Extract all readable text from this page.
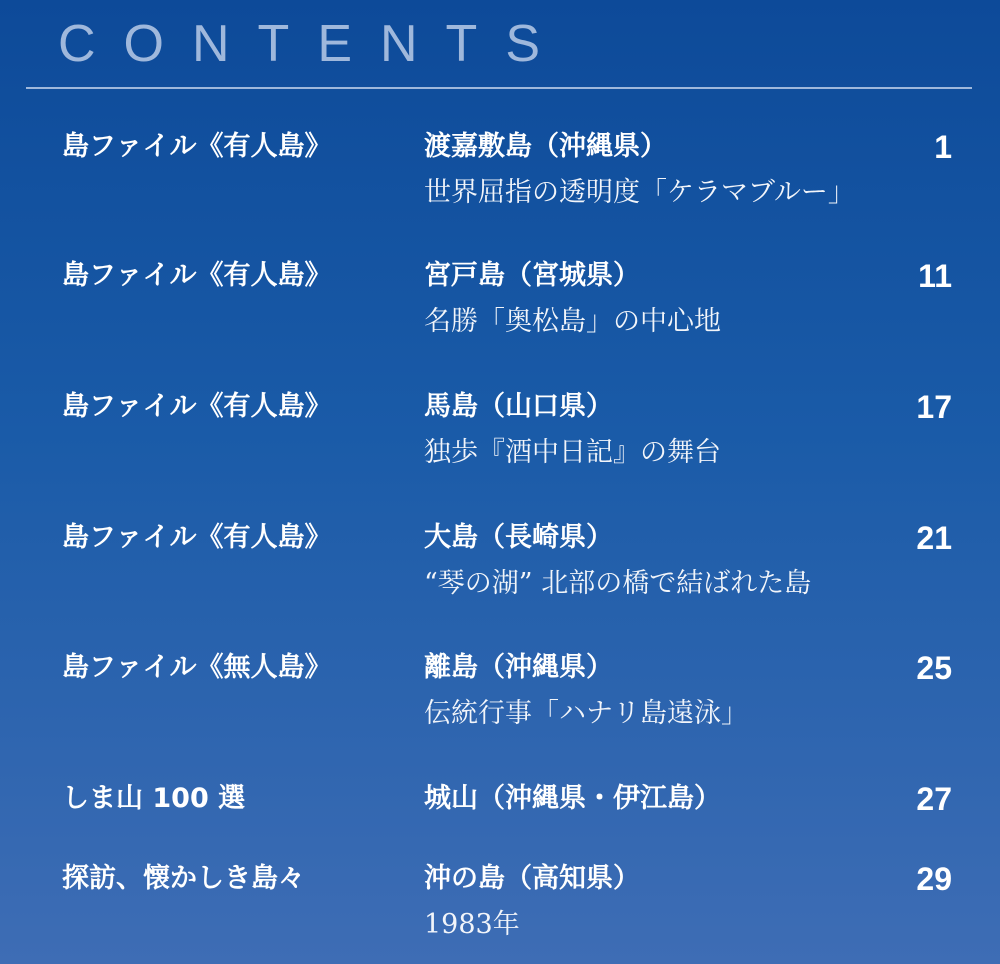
CONTENTS
島ファイル《有人島》	渡嘉敷島（沖縄県）	1
世界屈指の透明度「ケラマブルー」
島ファイル《有人島》	宮戸島（宮城県）	11
名勝「奥松島」の中心地
島ファイル《有人島》	馬島（山口県）	17
独歩『酒中日記』の舞台
島ファイル《有人島》	大島（長崎県）	21
“琴の湖” 北部の橋で結ばれた島
島ファイル《無人島》	離島（沖縄県）	25
伝統行事「ハナリ島遠泳」
しま山 100 選	城山（沖縄県・伊江島）	27
探訪、懐かしき島々	沖の島（高知県）	29
1983年
